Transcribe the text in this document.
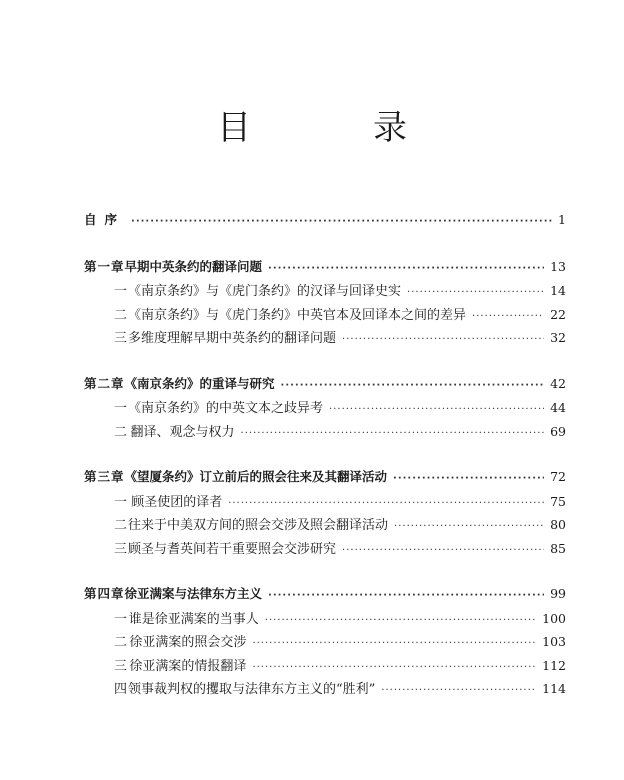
目　录
自序 ·····	1
第一章 早期中英条约的翻译问题 ·····	13
一 《南京条约》与《虎门条约》的汉译与回译史实 ·····	14
二 《南京条约》与《虎门条约》中英官本及回译本之间的差异 ·····	22
三 多维度理解早期中英条约的翻译问题 ·····	32
第二章 《南京条约》的重译与研究 ·····	42
一 《南京条约》的中英文本之歧异考 ·····	44
二 翻译、观念与权力 ·····	69
第三章 《望厦条约》订立前后的照会往来及其翻译活动 ·····	72
一 顾圣使团的译者 ·····	75
二 往来于中美双方间的照会交涉及照会翻译活动 ·····	80
三 顾圣与耆英间若干重要照会交涉研究 ·····	85
第四章 徐亚满案与法律东方主义 ·····	99
一 谁是徐亚满案的当事人 ·····	100
二 徐亚满案的照会交涉 ·····	103
三 徐亚满案的情报翻译 ·····	112
四 领事裁判权的攫取与法律东方主义的“胜利” ·····	114
